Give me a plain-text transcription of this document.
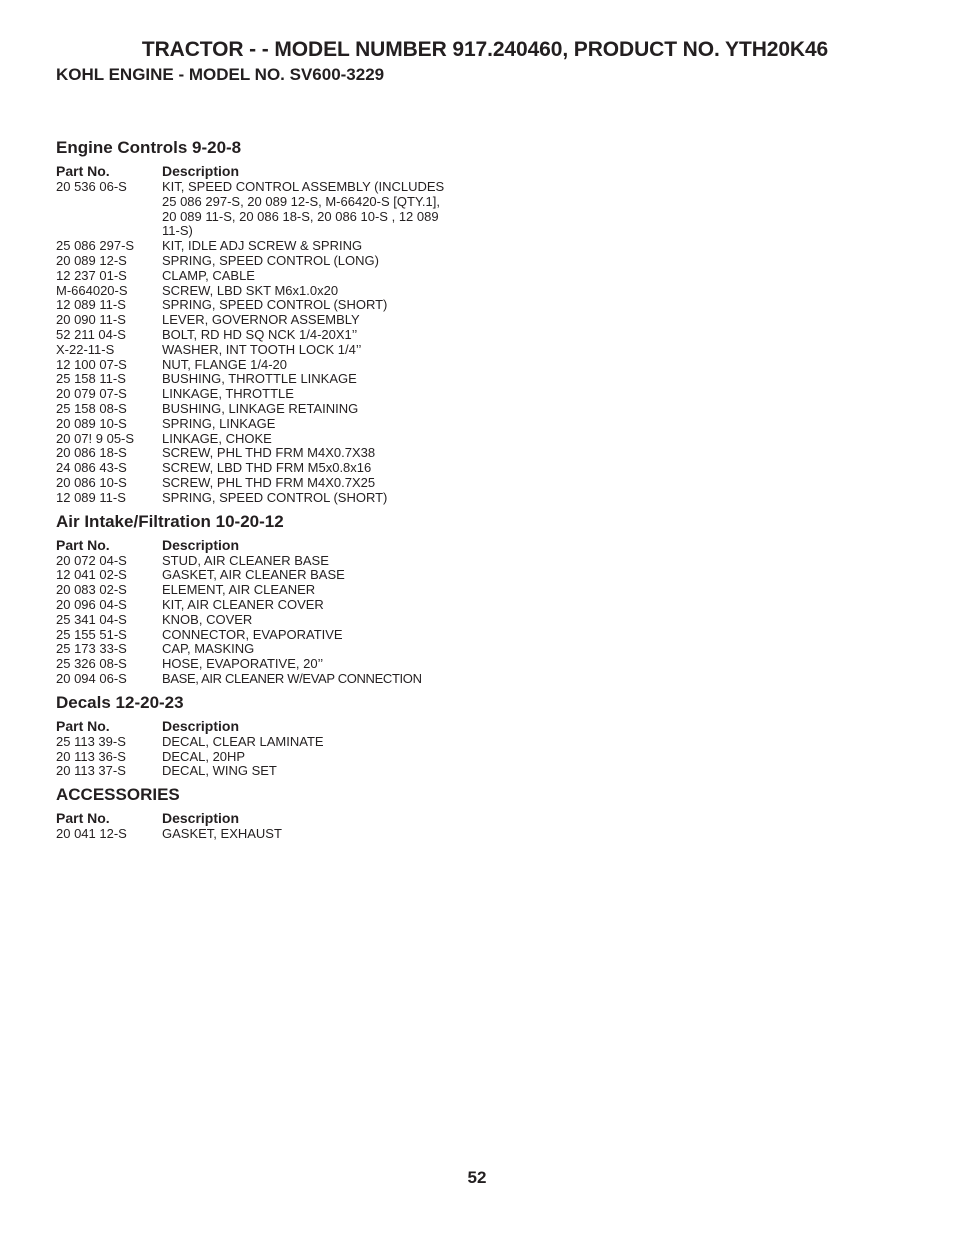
TRACTOR - - MODEL NUMBER 917.240460, PRODUCT NO. YTH20K46
KOHL ENGINE - MODEL NO. SV600-3229
Engine Controls 9-20-8
Part No.	Description
20 536 06-S	KIT, SPEED CONTROL ASSEMBLY (INCLUDES 25 086 297-S, 20 089 12-S, M-66420-S [QTY.1], 20 089 11-S, 20 086 18-S, 20 086 10-S , 12 089 11-S)
25 086 297-S	KIT, IDLE ADJ SCREW & SPRING
20 089 12-S	SPRING, SPEED CONTROL (LONG)
12 237 01-S	CLAMP, CABLE
M-664020-S	SCREW, LBD SKT M6x1.0x20
12 089 11-S	SPRING, SPEED CONTROL (SHORT)
20 090 11-S	LEVER, GOVERNOR ASSEMBLY
52 211 04-S	BOLT, RD HD SQ NCK 1/4-20X1’’
X-22-11-S	WASHER, INT TOOTH LOCK 1/4’’
12 100 07-S	NUT, FLANGE 1/4-20
25 158 11-S	BUSHING, THROTTLE LINKAGE
20 079 07-S	LINKAGE, THROTTLE
25 158 08-S	BUSHING, LINKAGE RETAINING
20 089 10-S	SPRING, LINKAGE
20 07! 9 05-S	LINKAGE, CHOKE
20 086 18-S	SCREW, PHL THD FRM M4X0.7X38
24 086 43-S	SCREW, LBD THD FRM M5x0.8x16
20 086 10-S	SCREW, PHL THD FRM M4X0.7X25
12 089 11-S	SPRING, SPEED CONTROL (SHORT)
Air Intake/Filtration 10-20-12
Part No.	Description
20 072 04-S	STUD, AIR CLEANER BASE
12 041 02-S	GASKET, AIR CLEANER BASE
20 083 02-S	ELEMENT, AIR CLEANER
20 096 04-S	KIT, AIR CLEANER COVER
25 341 04-S	KNOB, COVER
25 155 51-S	CONNECTOR, EVAPORATIVE
25 173 33-S	CAP, MASKING
25 326 08-S	HOSE, EVAPORATIVE, 20’’
20 094 06-S	BASE, AIR CLEANER W/EVAP CONNECTION
Decals 12-20-23
Part No.	Description
25 113 39-S	DECAL, CLEAR LAMINATE
20 113 36-S	DECAL, 20HP
20 113 37-S	DECAL, WING SET
ACCESSORIES
Part No.	Description
20 041 12-S	GASKET, EXHAUST

52
